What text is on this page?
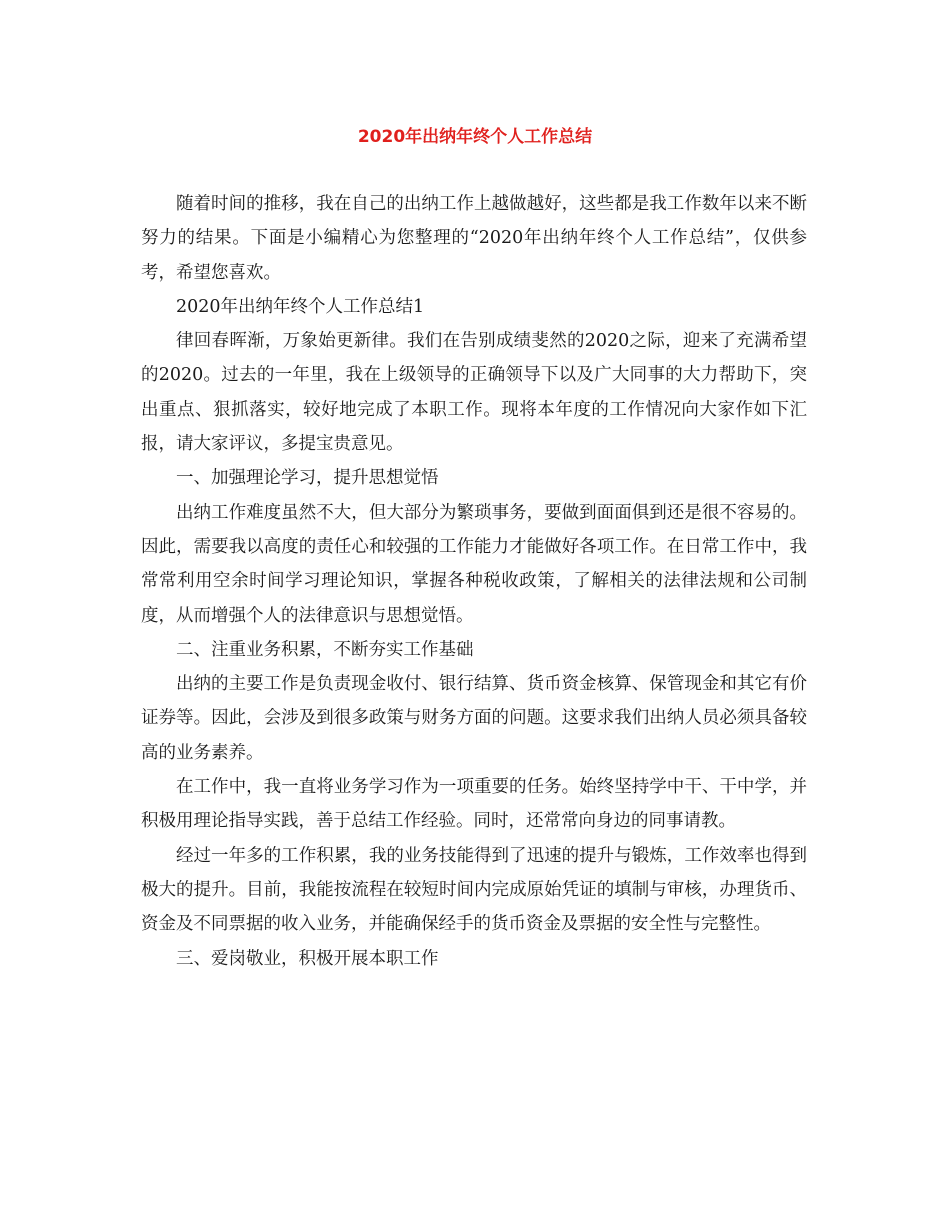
2020年出纳年终个人工作总结

随着时间的推移，我在自己的出纳工作上越做越好，这些都是我工作数年以来不断努力的结果。下面是小编精心为您整理的“2020年出纳年终个人工作总结”，仅供参考，希望您喜欢。

2020年出纳年终个人工作总结1

律回春晖渐，万象始更新律。我们在告别成绩斐然的2020之际，迎来了充满希望的2020。过去的一年里，我在上级领导的正确领导下以及广大同事的大力帮助下，突出重点、狠抓落实，较好地完成了本职工作。现将本年度的工作情况向大家作如下汇报，请大家评议，多提宝贵意见。

一、加强理论学习，提升思想觉悟

出纳工作难度虽然不大，但大部分为繁琐事务，要做到面面俱到还是很不容易的。因此，需要我以高度的责任心和较强的工作能力才能做好各项工作。在日常工作中，我常常利用空余时间学习理论知识，掌握各种税收政策，了解相关的法律法规和公司制度，从而增强个人的法律意识与思想觉悟。

二、注重业务积累，不断夯实工作基础

出纳的主要工作是负责现金收付、银行结算、货币资金核算、保管现金和其它有价证券等。因此，会涉及到很多政策与财务方面的问题。这要求我们出纳人员必须具备较高的业务素养。

在工作中，我一直将业务学习作为一项重要的任务。始终坚持学中干、干中学，并积极用理论指导实践，善于总结工作经验。同时，还常常向身边的同事请教。

经过一年多的工作积累，我的业务技能得到了迅速的提升与锻炼，工作效率也得到极大的提升。目前，我能按流程在较短时间内完成原始凭证的填制与审核，办理货币、资金及不同票据的收入业务，并能确保经手的货币资金及票据的安全性与完整性。

三、爱岗敬业，积极开展本职工作
